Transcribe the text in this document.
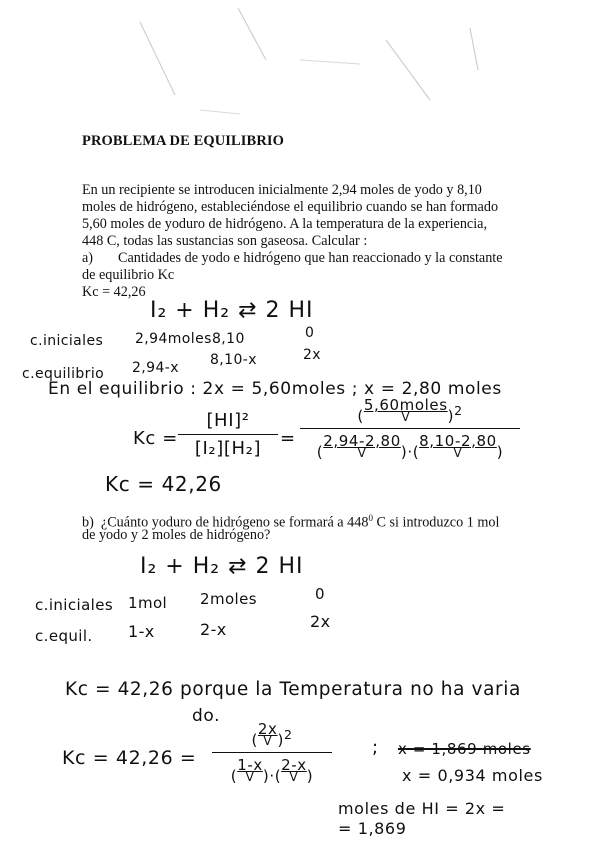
PROBLEMA DE EQUILIBRIO
En un recipiente se introducen inicialmente 2,94 moles de yodo y 8,10
moles de hidrógeno, estableciéndose el equilibrio cuando se han formado
5,60 moles de yoduro de hidrógeno. A la temperatura de la experiencia,
448 C, todas las sustancias son gaseosa. Calcular :
a) Cantidades de yodo e hidrógeno que han reaccionado y la constante
de equilibrio Kc
Kc = 42,26
I₂ + H₂ ⇄ 2 HI
c.iniciales 2,94moles 8,10	0
c.equilibrio 2,94-x 8,10-x	2x
En el equilibrio : 2x = 5,60moles ; x = 2,80 moles
Kc =
[HI]²
[I₂][H₂]	=
(
5,60moles
V	)$^2$
(
2,94-2,80
V	)·(
8,10-2,80
V	)
Kc = 42,26
b) ¿Cuánto yoduro de hidrógeno se formará a $448^0$ C si introduzco 1 mol
de yodo y 2 moles de hidrógeno?
I₂ + H₂ ⇄ 2 HI
c.iniciales 1mol 2moles	0
c.equil. 1-x	2-x	2x
Kc = 42,26 porque la Temperatura no ha varia
do.
Kc = 42,26 =
(
2x
V )$^2$
(
1-x
V )·(
2-x
V )
; x = 1,869 moles
x = 0,934 moles
moles de HI = 2x =
= 1,869
